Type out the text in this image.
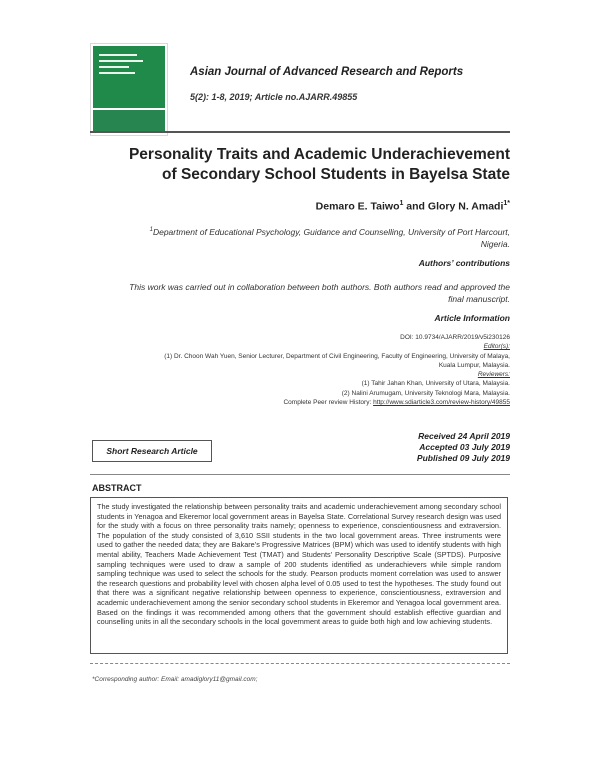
Asian Journal of Advanced Research and Reports
5(2): 1-8, 2019; Article no.AJARR.49855
Personality Traits and Academic Underachievement
of Secondary School Students in Bayelsa State
Demaro E. Taiwo$^1$ and Glory N. Amadi$^{1*}$
$^1$Department of Educational Psychology, Guidance and Counselling, University of Port Harcourt,
Nigeria.
Authors’ contributions
This work was carried out in collaboration between both authors. Both authors read and approved the
final manuscript.
Article Information
DOI: 10.9734/AJARR/2019/v5i230126
Editor(s):
(1) Dr. Choon Wah Yuen, Senior Lecturer, Department of Civil Engineering, Faculty of Engineering, University of Malaya,
Kuala Lumpur, Malaysia.
Reviewers:
(1) Tahir Jahan Khan, University of Utara, Malaysia.
(2) Nalini Arumugam, University Teknologi Mara, Malaysia.
Complete Peer review History: http://www.sdiarticle3.com/review-history/49855
Short Research Article
Received 24 April 2019
Accepted 03 July 2019
Published 09 July 2019
ABSTRACT
The study investigated the relationship between personality traits and academic underachievement among secondary school students in Yenagoa and Ekeremor local government areas in Bayelsa State. Correlational Survey research design was used for the study with a focus on three personality traits namely; openness to experience, conscientiousness and extraversion. The population of the study consisted of 3,610 SSII students in the two local government areas. Three instruments were used to gather the needed data; they are Bakare’s Progressive Matrices (BPM) which was used to identify students with high mental ability, Teachers Made Achievement Test (TMAT) and Students’ Personality Descriptive Scale (SPTDS). Purposive sampling techniques were used to draw a sample of 200 students identified as underachievers while simple random sampling technique was used to select the schools for the study. Pearson products moment correlation was used to answer the research questions and probability level with chosen alpha level of 0.05 used to test the hypotheses. The study found out that there was a significant negative relationship between openness to experience, conscientiousness, extraversion and academic underachievement among the senior secondary school students in Ekeremor and Yenagoa local government area. Based on the findings it was recommended among others that the government should establish effective guardian and counselling units in all the secondary schools in the local government areas to guide both high and low achieving students.
*Corresponding author: Email: amadiglory11@gmail.com;
